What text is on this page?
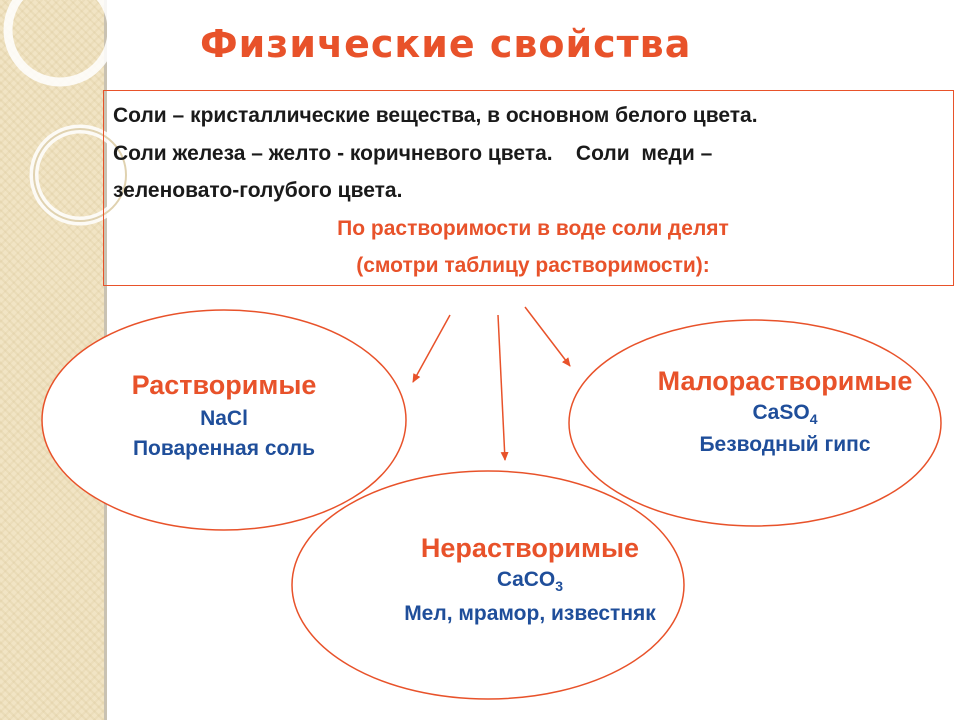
Физические свойства
Соли – кристаллические вещества, в основном белого цвета.
Соли железа – желто - коричневого цвета.    Соли  меди –
зеленовато-голубого цвета.
По растворимости в воде соли делят
(смотри таблицу растворимости):
Растворимые
NaCl
Поваренная соль
Малорастворимые
CaSO$_4$
Безводный гипс
Нерастворимые
CaCO$_3$
Мел, мрамор, известняк
